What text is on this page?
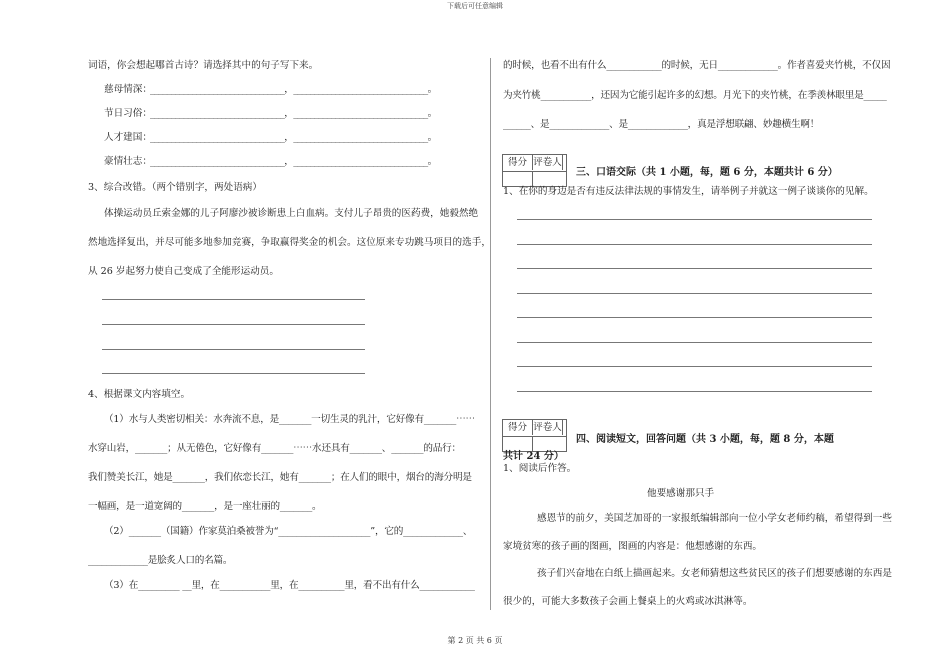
下载后可任意编辑
词语，你会想起哪首古诗？请选择其中的句子写下来。
慈母情深：
________________________________，________________________________。
节日习俗：
________________________________，________________________________。
人才建国：
________________________________，________________________________。
豪情壮志：
________________________________，________________________________。
3、综合改错。（两个错别字，两处语病）
体操运动员丘索金娜的儿子阿廖沙被诊断患上白血病。支付儿子昂贵的医药费，她毅然绝
然地选择复出，并尽可能多地参加竞赛，争取赢得奖金的机会。这位原来专功跳马项目的选手，
从 26 岁起努力使自己变成了全能形运动员。
4、根据课文内容填空。
（1）水与人类密切相关：水奔流不息，是_______一切生灵的乳汁，它好像有_______⋯⋯
水穿山岩，_______；从无倦色，它好像有_______⋯⋯水还具有_______、_______的品行：
我们赞美长江，她是_______，我们依恋长江，她有_______；在人们的眼中，烟台的海分明是
一幅画，是一道宽阔的_______，是一座壮丽的_______。
（2）_______（国籍）作家莫泊桑被誉为“____________________”，它的_____________、
_____________是脍炙人口的名篇。
（3）在_________ __里，在___________里，在__________里，看不出有什么____________
的时候，也看不出有什么____________的时候，无日_____________。作者喜爱夹竹桃，不仅因
为夹竹桃___________，还因为它能引起许多的幻想。月光下的夹竹桃，在季羡林眼里是_____
______、是_____________、是_____________，真是浮想联翩、妙趣横生啊！
得分 评卷人
三、口语交际（共 1 小题，每，题 6 分，本题共计 6 分）
1、在你的身边是否有违反法律法规的事情发生，请举例子并就这一例子谈谈你的见解。
得分 评卷人
四、阅读短文，回答问题（共 3 小题，每，题 8 分，本题
共计 24 分）
1、阅读后作答。
他要感谢那只手
感恩节的前夕，美国芝加哥的一家报纸编辑部向一位小学女老师约稿，希望得到一些
家境贫寒的孩子画的图画，图画的内容是：他想感谢的东西。
孩子们兴奋地在白纸上描画起来。女老师猜想这些贫民区的孩子们想要感谢的东西是
很少的，可能大多数孩子会画上餐桌上的火鸡或冰淇淋等。
第 2 页 共 6 页
